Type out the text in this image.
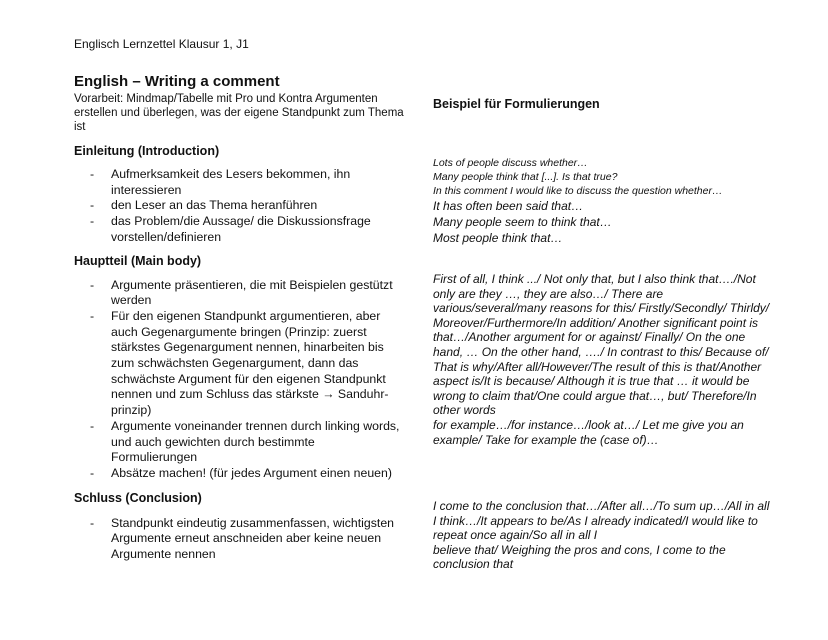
Englisch Lernzettel Klausur 1, J1
English – Writing a comment

Vorarbeit: Mindmap/Tabelle mit Pro und Kontra Argumenten erstellen und überlegen, was der eigene Standpunkt zum Thema ist

Einleitung (Introduction)
- Aufmerksamkeit des Lesers bekommen, ihn interessieren
- den Leser an das Thema heranführen
- das Problem/die Aussage/ die Diskussionsfrage vorstellen/definieren
Hauptteil (Main body)
- Argumente präsentieren, die mit Beispielen gestützt werden
- Für den eigenen Standpunkt argumentieren, aber auch Gegenargumente bringen (Prinzip: zuerst stärkstes Gegenargument nennen, hinarbeiten bis zum schwächsten Gegenargument, dann das schwächste Argument für den eigenen Standpunkt nennen und zum Schluss das stärkste → Sanduhr-prinzip)
- Argumente voneinander trennen durch linking words, und auch gewichten durch bestimmte Formulierungen
- Absätze machen! (für jedes Argument einen neuen)
Schluss (Conclusion)
- Standpunkt eindeutig zusammenfassen, wichtigsten Argumente erneut anschneiden aber keine neuen Argumente nennen
Beispiel für Formulierungen
Lots of people discuss whether…
Many people think that [...]. Is that true?
In this comment I would like to discuss the question whether…
It has often been said that…
Many people seem to think that…
Most people think that…
First of all, I think .../ Not only that, but I also think that…./Not
only are they …, they are also…/ There are
various/several/many reasons for this/ Firstly/Secondly/ Thirldy/
Moreover/Furthermore/In addition/ Another significant point is
that…/Another argument for or against/ Finally/ On the one
hand, … On the other hand, …./ In contrast to this/ Because of/
That is why/After all/However/The result of this is that/Another
aspect is/It is because/ Although it is true that … it would be
wrong to claim that/One could argue that…, but/ Therefore/In
other words
for example…/for instance…/look at…/ Let me give you an
example/ Take for example the (case of)…
I come to the conclusion that…/After all…/To sum up…/All in all
I think…/It appears to be/As I already indicated/I would like to
repeat once again/So all in all I
believe that/ Weighing the pros and cons, I come to the
conclusion that
